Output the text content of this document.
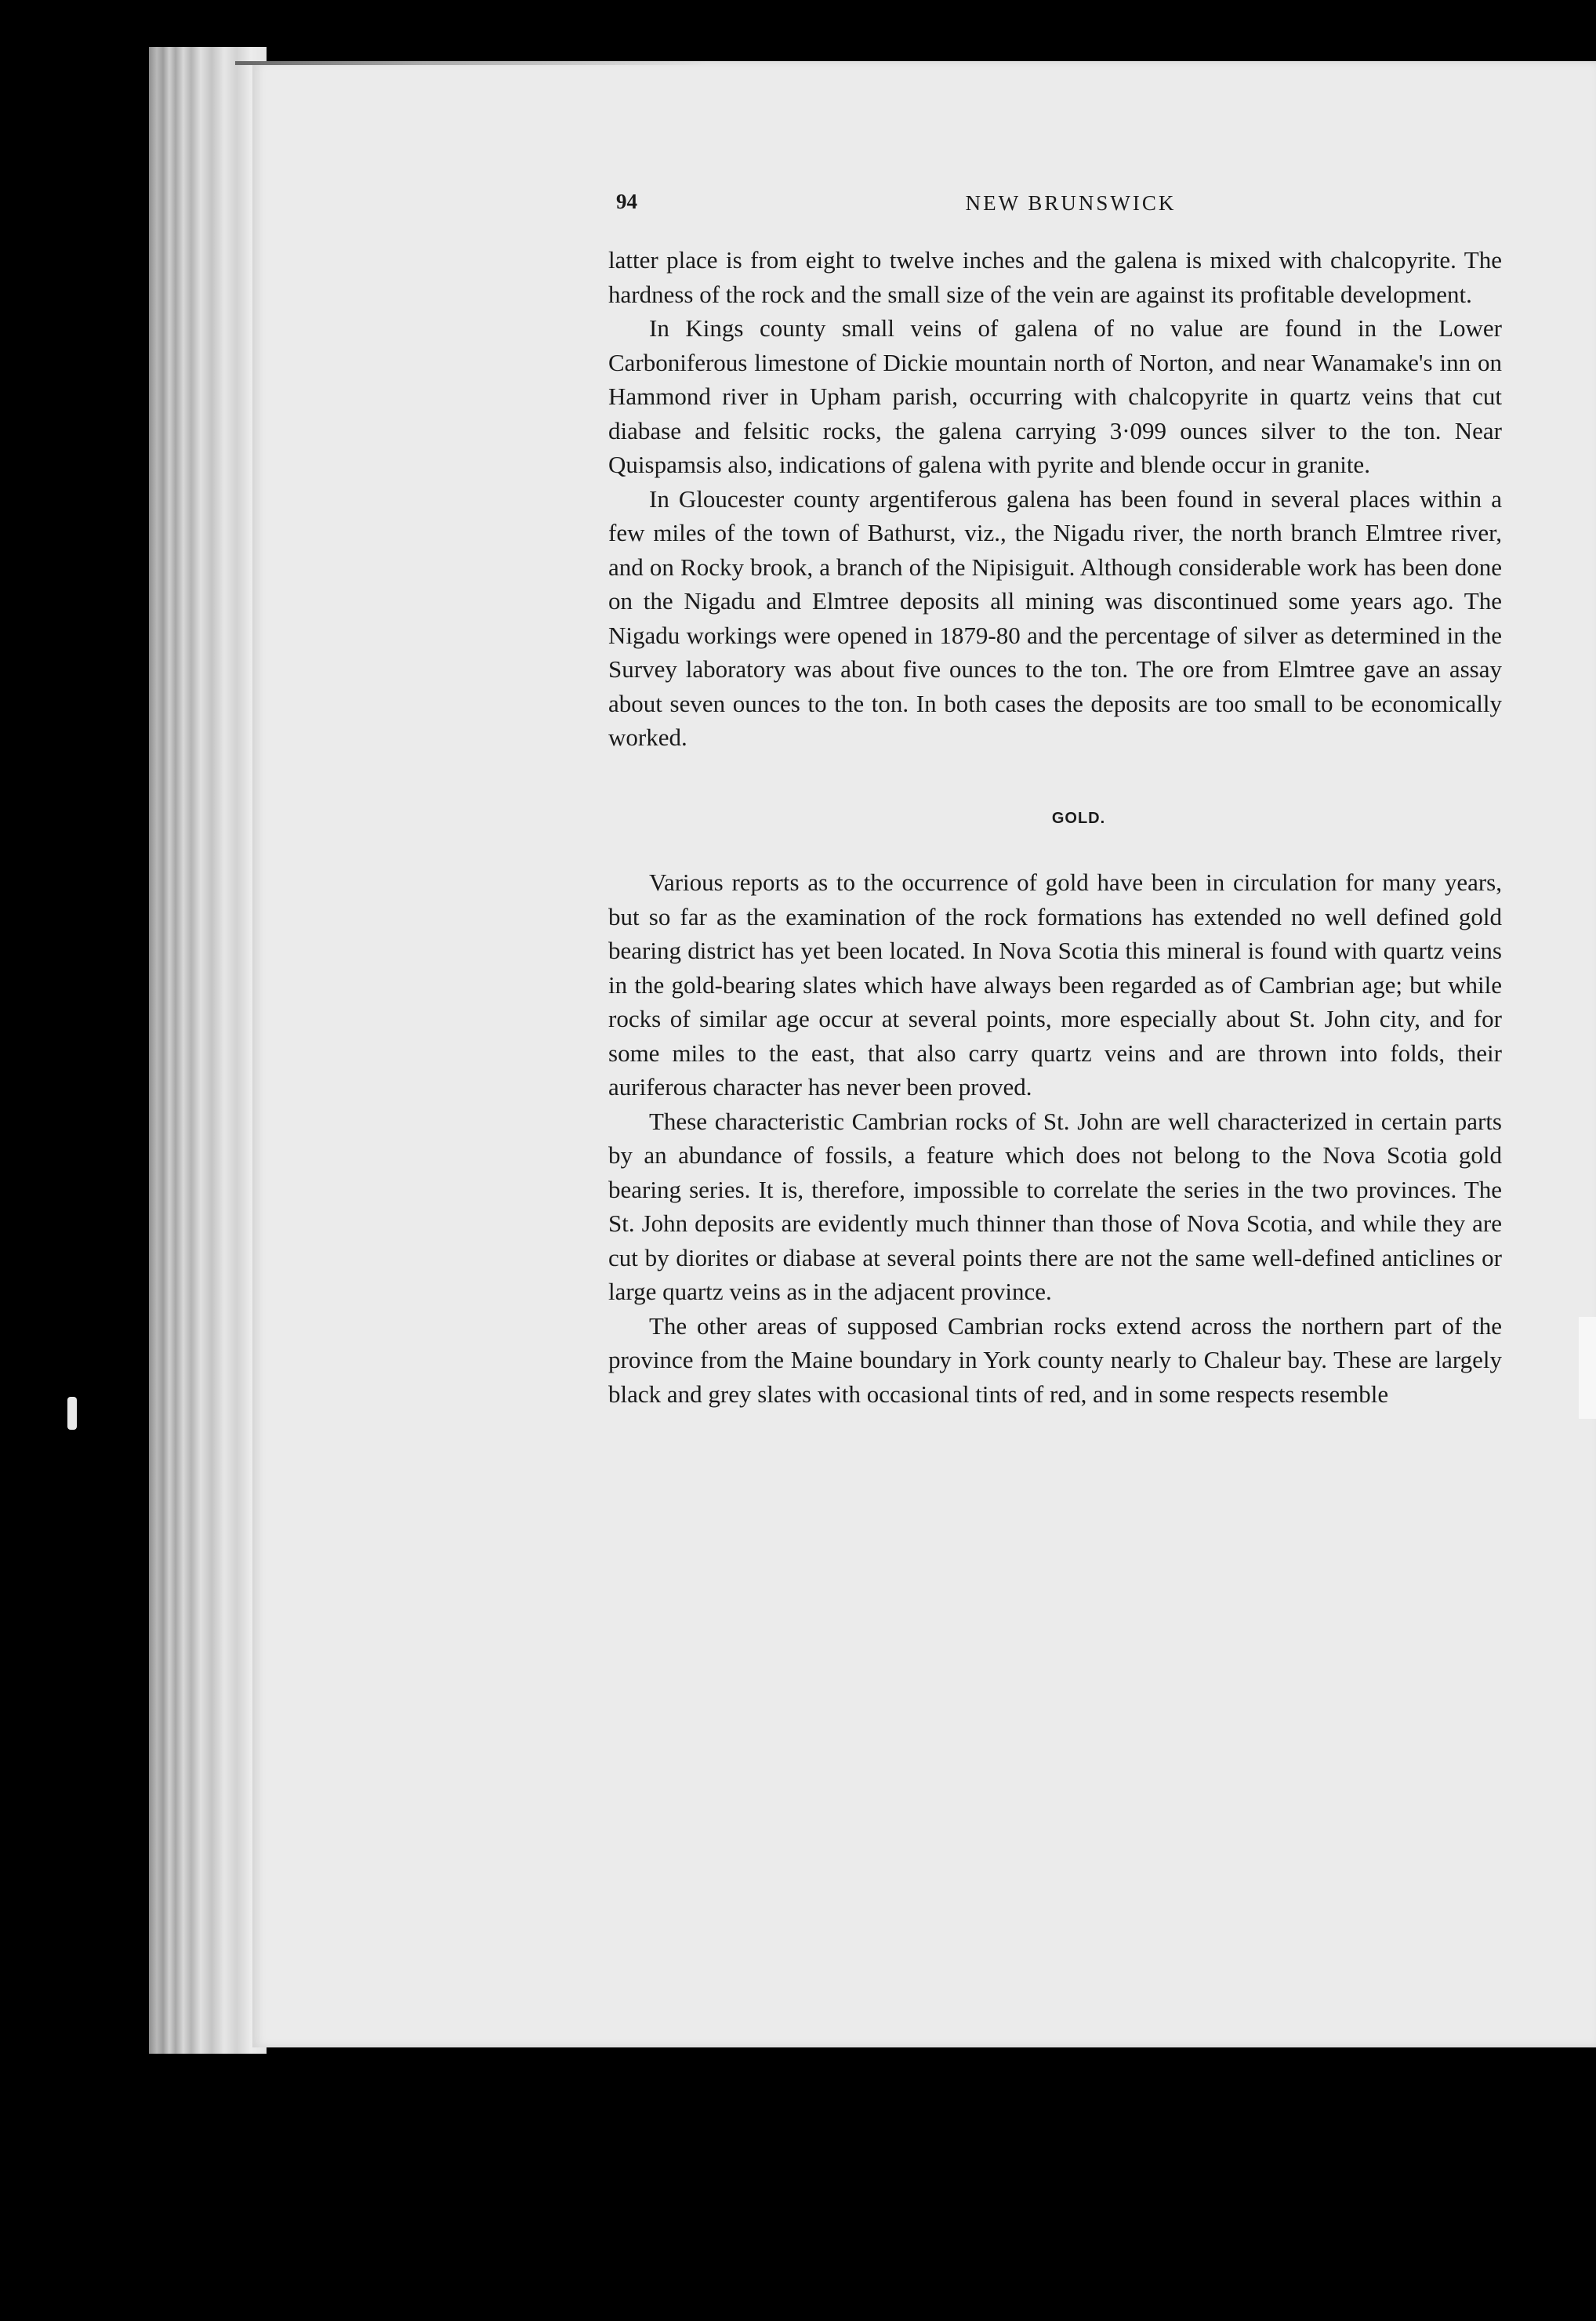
94	NEW BRUNSWICK

latter place is from eight to twelve inches and the galena is mixed with chalcopyrite. The hardness of the rock and the small size of the vein are against its profitable development.

In Kings county small veins of galena of no value are found in the Lower Carboniferous limestone of Dickie mountain north of Norton, and near Wanamake's inn on Hammond river in Upham parish, occurring with chalcopyrite in quartz veins that cut diabase and felsitic rocks, the galena carrying 3·099 ounces silver to the ton. Near Quispamsis also, indications of galena with pyrite and blende occur in granite.

In Gloucester county argentiferous galena has been found in several places within a few miles of the town of Bathurst, viz., the Nigadu river, the north branch Elmtree river, and on Rocky brook, a branch of the Nipisiguit. Although considerable work has been done on the Nigadu and Elmtree deposits all mining was discontinued some years ago. The Nigadu workings were opened in 1879-80 and the percentage of silver as determined in the Survey laboratory was about five ounces to the ton. The ore from Elmtree gave an assay about seven ounces to the ton. In both cases the deposits are too small to be economically worked.

GOLD.

Various reports as to the occurrence of gold have been in circulation for many years, but so far as the examination of the rock formations has extended no well defined gold bearing district has yet been located. In Nova Scotia this mineral is found with quartz veins in the gold-bearing slates which have always been regarded as of Cambrian age; but while rocks of similar age occur at several points, more especially about St. John city, and for some miles to the east, that also carry quartz veins and are thrown into folds, their auriferous character has never been proved.

These characteristic Cambrian rocks of St. John are well characterized in certain parts by an abundance of fossils, a feature which does not belong to the Nova Scotia gold bearing series. It is, therefore, impossible to correlate the series in the two provinces. The St. John deposits are evidently much thinner than those of Nova Scotia, and while they are cut by diorites or diabase at several points there are not the same well-defined anticlines or large quartz veins as in the adjacent province.

The other areas of supposed Cambrian rocks extend across the northern part of the province from the Maine boundary in York county nearly to Chaleur bay. These are largely black and grey slates with occasional tints of red, and in some respects resemble
